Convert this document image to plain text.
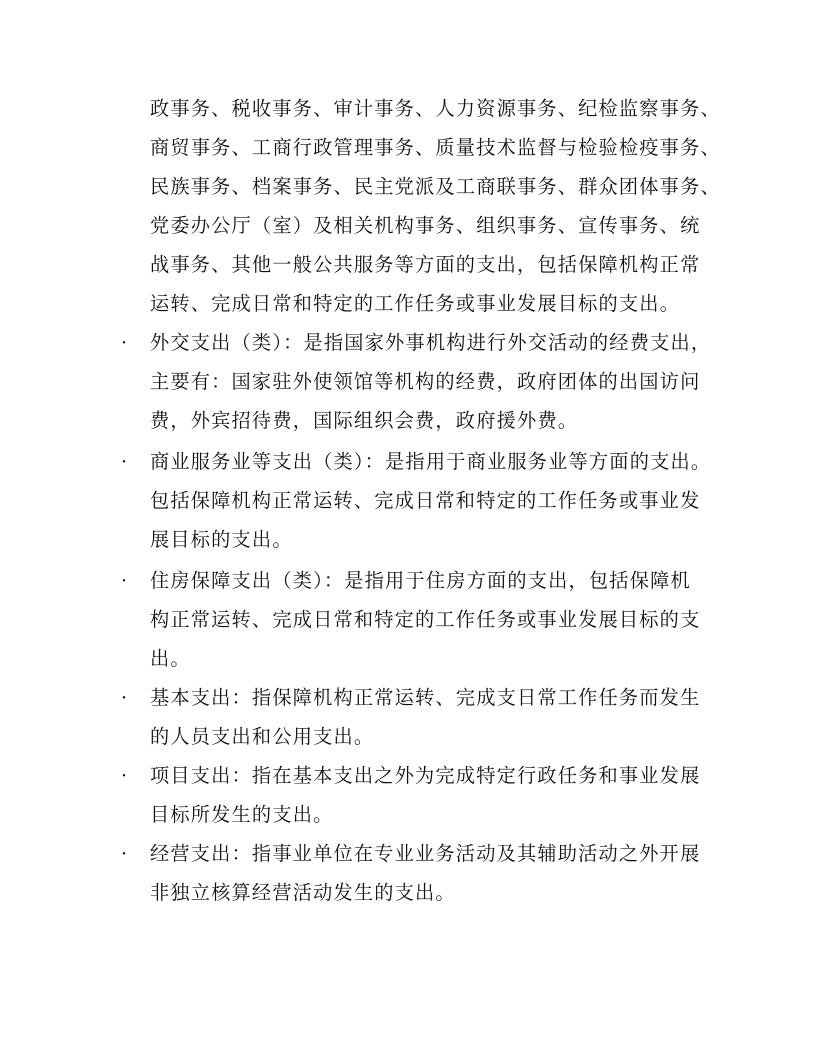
政事务、税收事务、审计事务、人力资源事务、纪检监察事务、
商贸事务、工商行政管理事务、质量技术监督与检验检疫事务、
民族事务、档案事务、民主党派及工商联事务、群众团体事务、
党委办公厅（室）及相关机构事务、组织事务、宣传事务、统
战事务、其他一般公共服务等方面的支出，包括保障机构正常
运转、完成日常和特定的工作任务或事业发展目标的支出。
· 外交支出（类）：是指国家外事机构进行外交活动的经费支出，
主要有：国家驻外使领馆等机构的经费，政府团体的出国访问
费，外宾招待费，国际组织会费，政府援外费。
· 商业服务业等支出（类）：是指用于商业服务业等方面的支出。
包括保障机构正常运转、完成日常和特定的工作任务或事业发
展目标的支出。
· 住房保障支出（类）：是指用于住房方面的支出，包括保障机
构正常运转、完成日常和特定的工作任务或事业发展目标的支
出。
· 基本支出：指保障机构正常运转、完成支日常工作任务而发生
的人员支出和公用支出。
· 项目支出：指在基本支出之外为完成特定行政任务和事业发展
目标所发生的支出。
· 经营支出：指事业单位在专业业务活动及其辅助活动之外开展
非独立核算经营活动发生的支出。
